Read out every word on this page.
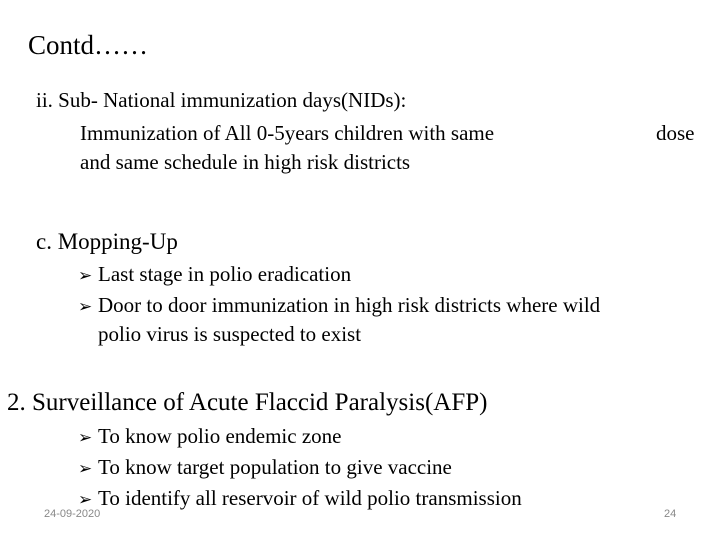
Contd……
ii. Sub- National immunization days(NIDs):
Immunization of All 0-5years children with same	dose
and same schedule in high risk districts
c. Mopping-Up
➢ Last stage in polio eradication
➢ Door to door immunization in high risk districts where wild
polio virus is suspected to exist
2. Surveillance of Acute Flaccid Paralysis(AFP)
➢ To know polio endemic zone
➢ To know target population to give vaccine
➢ To identify all reservoir of wild polio transmission
24-09-2020	24
